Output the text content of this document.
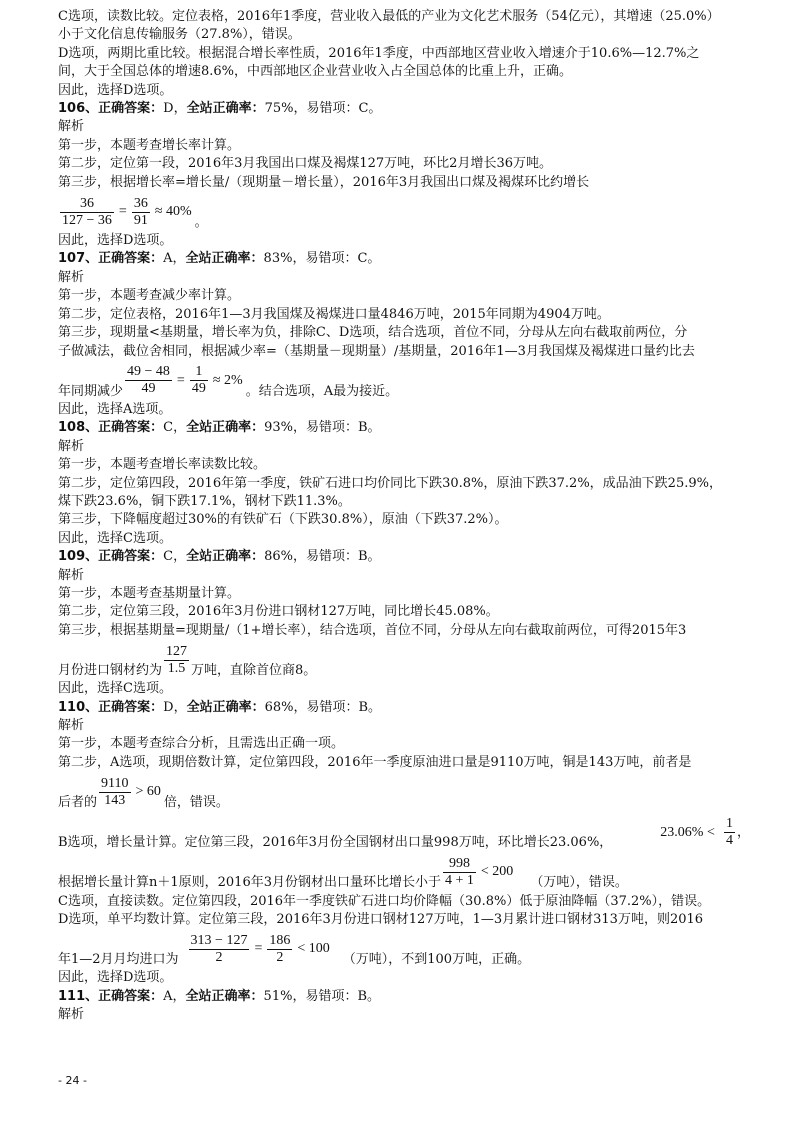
C选项，读数比较。定位表格，2016年1季度，营业收入最低的产业为文化艺术服务（54亿元），其增速（25.0%）
小于文化信息传输服务（27.8%），错误。
D选项，两期比重比较。根据混合增长率性质，2016年1季度，中西部地区营业收入增速介于10.6%—12.7%之
间，大于全国总体的增速8.6%，中西部地区企业营业收入占全国总体的比重上升，正确。
因此，选择D选项。
106、正确答案：D，全站正确率：75%，易错项：C。
解析
第一步，本题考查增长率计算。
第二步，定位第一段，2016年3月我国出口煤及褐煤127万吨，环比2月增长36万吨。
第三步，根据增长率=增长量/（现期量－增长量），2016年3月我国出口煤及褐煤环比约增长
$\frac{36}{127 - 36} = \frac{36}{91} \approx 40\%$
。
因此，选择D选项。
107、正确答案：A，全站正确率：83%，易错项：C。
解析
第一步，本题考查减少率计算。
第二步，定位表格，2016年1—3月我国煤及褐煤进口量4846万吨，2015年同期为4904万吨。
第三步，现期量<基期量，增长率为负，排除C、D选项，结合选项，首位不同，分母从左向右截取前两位，分
子做减法，截位舍相同，根据减少率=（基期量－现期量）/基期量，2016年1—3月我国煤及褐煤进口量约比去
年同期减少 $\frac{49 - 48}{49} = \frac{1}{49} \approx 2\%$
。结合选项，A最为接近。
因此，选择A选项。
108、正确答案：C，全站正确率：93%，易错项：B。
解析
第一步，本题考查增长率读数比较。
第二步，定位第四段，2016年第一季度，铁矿石进口均价同比下跌30.8%，原油下跌37.2%，成品油下跌25.9%，
煤下跌23.6%，铜下跌17.1%，钢材下跌11.3%。
第三步，下降幅度超过30%的有铁矿石（下跌30.8%），原油（下跌37.2%）。
因此，选择C选项。
109、正确答案：C，全站正确率：86%，易错项：B。
解析
第一步，本题考查基期量计算。
第二步，定位第三段，2016年3月份进口钢材127万吨，同比增长45.08%。
第三步，根据基期量=现期量/（1+增长率），结合选项，首位不同，分母从左向右截取前两位，可得2015年3
月份进口钢材约为 $\frac{127}{1.5}$ 万吨，直除首位商8。
因此，选择C选项。
110、正确答案：D，全站正确率：68%，易错项：B。
解析
第一步，本题考查综合分析，且需选出正确一项。
第二步，A选项，现期倍数计算，定位第四段，2016年一季度原油进口量是9110万吨，铜是143万吨，前者是
后者的 $\frac{9110}{143} > 60$
倍，错误。
B选项，增长量计算。定位第三段，2016年3月份全国钢材出口量998万吨，环比增长23.06%，
$23.06\% < \frac{1}{4}$ ，
根据增长量计算n＋1原则，2016年3月份钢材出口量环比增长小于 $\frac{998}{4 + 1} < 200$
（万吨），错误。
C选项，直接读数。定位第四段，2016年一季度铁矿石进口均价降幅（30.8%）低于原油降幅（37.2%），错误。
D选项，单平均数计算。定位第三段，2016年3月份进口钢材127万吨，1—3月累计进口钢材313万吨，则2016
年1—2月月均进口为 $\frac{313 - 127}{2} = \frac{186}{2} < 100$
（万吨），不到100万吨，正确。
因此，选择D选项。
111、正确答案：A，全站正确率：51%，易错项：B。
解析
- 24 -
